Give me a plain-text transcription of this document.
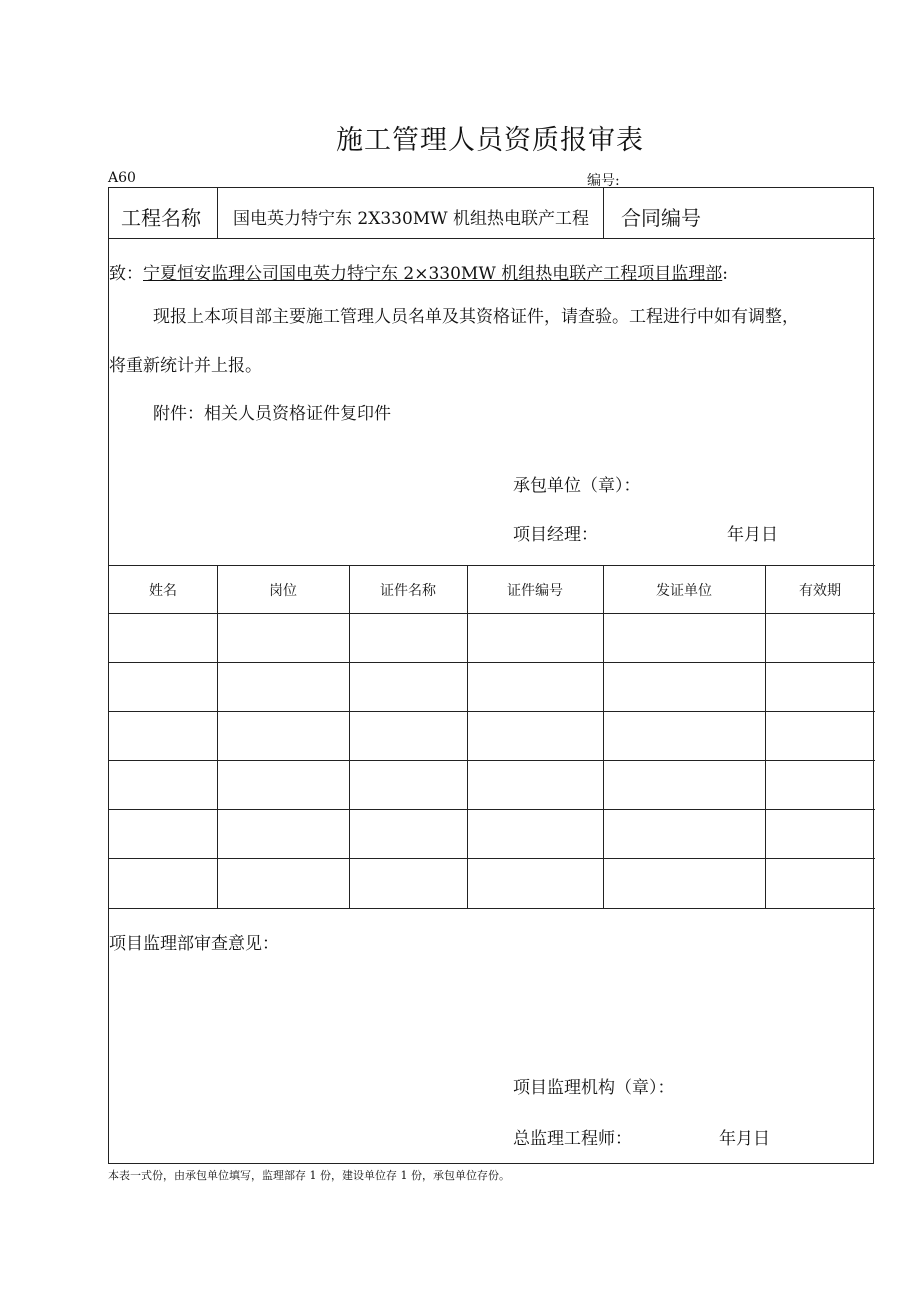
施工管理人员资质报审表
A60	编号:
工程名称 国电英力特宁东 2X330MW 机组热电联产工程 合同编号
致：宁夏恒安监理公司国电英力特宁东 2×330MW 机组热电联产工程项目监理部:
现报上本项目部主要施工管理人员名单及其资格证件，请查验。工程进行中如有调整，
将重新统计并上报。
附件：相关人员资格证件复印件
承包单位（章）：
项目经理：	年月日
姓名	岗位	证件名称	证件编号	发证单位	有效期
项目监理部审查意见：
项目监理机构（章）：
总监理工程师：	年月日
本表一式份，由承包单位填写，监理部存 1 份，建设单位存 1 份，承包单位存份。
